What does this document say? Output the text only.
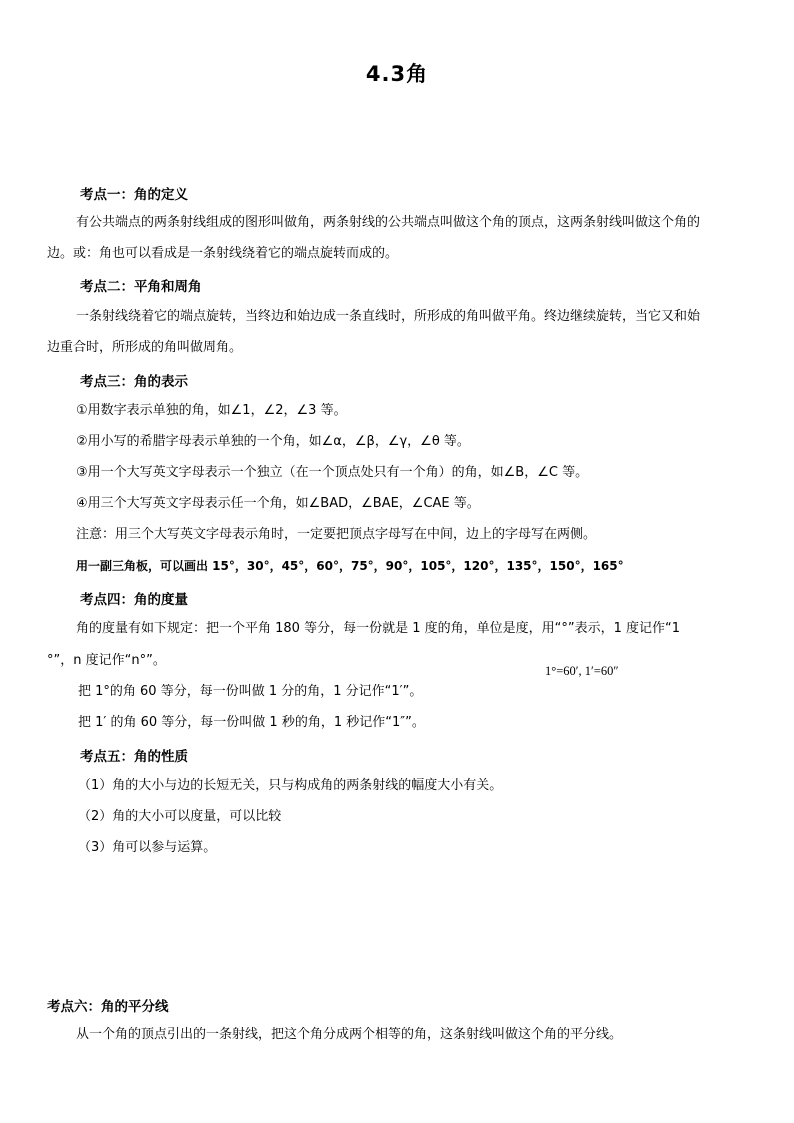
4.3角
考点一：角的定义
有公共端点的两条射线组成的图形叫做角，两条射线的公共端点叫做这个角的顶点，这两条射线叫做这个角的
边。或：角也可以看成是一条射线绕着它的端点旋转而成的。
考点二：平角和周角
一条射线绕着它的端点旋转，当终边和始边成一条直线时，所形成的角叫做平角。终边继续旋转，当它又和始
边重合时，所形成的角叫做周角。
考点三：角的表示
①用数字表示单独的角，如∠1，∠2，∠3 等。
②用小写的希腊字母表示单独的一个角，如∠α，∠β，∠γ，∠θ 等。
③用一个大写英文字母表示一个独立（在一个顶点处只有一个角）的角，如∠B，∠C 等。
④用三个大写英文字母表示任一个角，如∠BAD，∠BAE，∠CAE 等。
注意：用三个大写英文字母表示角时，一定要把顶点字母写在中间，边上的字母写在两侧。
用一副三角板，可以画出 15°，30°，45°，60°，75°，90°，105°，120°，135°，150°，165°
考点四：角的度量
角的度量有如下规定：把一个平角 180 等分，每一份就是 1 度的角，单位是度，用“°”表示，1 度记作“1
°”，n 度记作“n°”。
1°=60′, 1′=60″
把 1°的角 60 等分，每一份叫做 1 分的角，1 分记作“1′”。
把 1′ 的角 60 等分，每一份叫做 1 秒的角，1 秒记作“1″”。
考点五：角的性质
（1）角的大小与边的长短无关，只与构成角的两条射线的幅度大小有关。
（2）角的大小可以度量，可以比较
（3）角可以参与运算。
考点六：角的平分线
从一个角的顶点引出的一条射线，把这个角分成两个相等的角，这条射线叫做这个角的平分线。
